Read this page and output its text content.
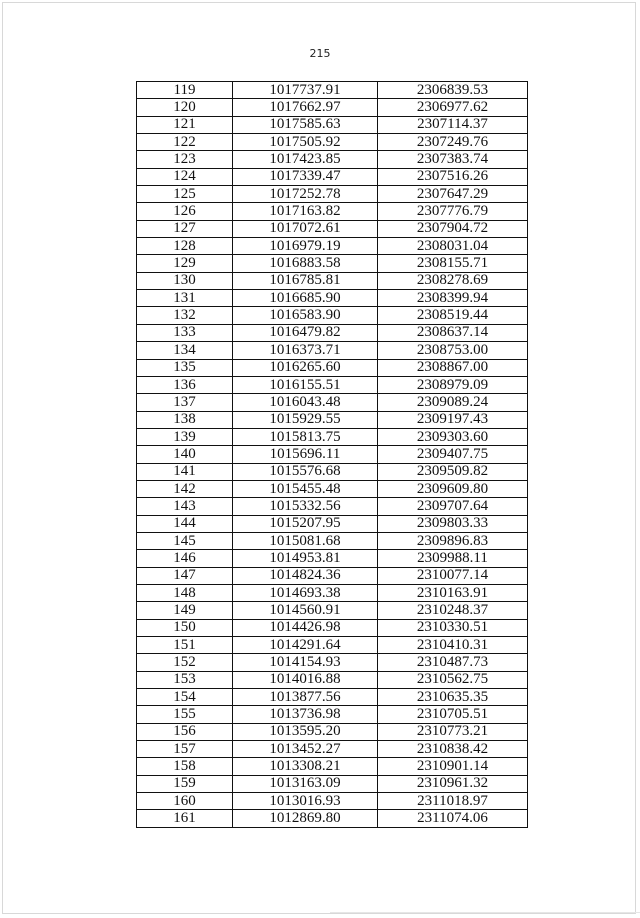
215
119	1017737.91	2306839.53
120	1017662.97	2306977.62
121	1017585.63	2307114.37
122	1017505.92	2307249.76
123	1017423.85	2307383.74
124	1017339.47	2307516.26
125	1017252.78	2307647.29
126	1017163.82	2307776.79
127	1017072.61	2307904.72
128	1016979.19	2308031.04
129	1016883.58	2308155.71
130	1016785.81	2308278.69
131	1016685.90	2308399.94
132	1016583.90	2308519.44
133	1016479.82	2308637.14
134	1016373.71	2308753.00
135	1016265.60	2308867.00
136	1016155.51	2308979.09
137	1016043.48	2309089.24
138	1015929.55	2309197.43
139	1015813.75	2309303.60
140	1015696.11	2309407.75
141	1015576.68	2309509.82
142	1015455.48	2309609.80
143	1015332.56	2309707.64
144	1015207.95	2309803.33
145	1015081.68	2309896.83
146	1014953.81	2309988.11
147	1014824.36	2310077.14
148	1014693.38	2310163.91
149	1014560.91	2310248.37
150	1014426.98	2310330.51
151	1014291.64	2310410.31
152	1014154.93	2310487.73
153	1014016.88	2310562.75
154	1013877.56	2310635.35
155	1013736.98	2310705.51
156	1013595.20	2310773.21
157	1013452.27	2310838.42
158	1013308.21	2310901.14
159	1013163.09	2310961.32
160	1013016.93	2311018.97
161	1012869.80	2311074.06
